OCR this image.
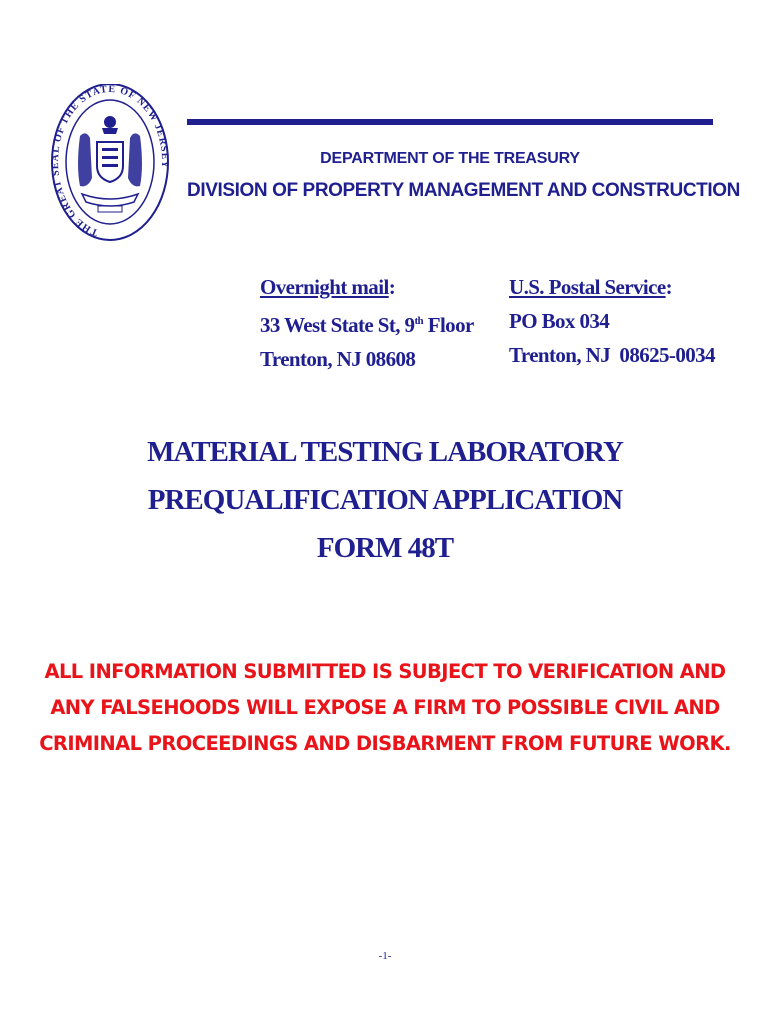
THE GREAT SEAL OF THE STATE OF NEW JERSEY	DEPARTMENT OF THE TREASURY
DIVISION OF PROPERTY MANAGEMENT AND CONSTRUCTION
Overnight mail:
33 West State St, 9th Floor
Trenton, NJ 08608
U.S. Postal Service:
PO Box 034
Trenton, NJ  08625-0034
MATERIAL TESTING LABORATORY
PREQUALIFICATION APPLICATION
FORM 48T
ALL INFORMATION SUBMITTED IS SUBJECT TO VERIFICATION AND
ANY FALSEHOODS WILL EXPOSE A FIRM TO POSSIBLE CIVIL AND
CRIMINAL PROCEEDINGS AND DISBARMENT FROM FUTURE WORK.
-1-
